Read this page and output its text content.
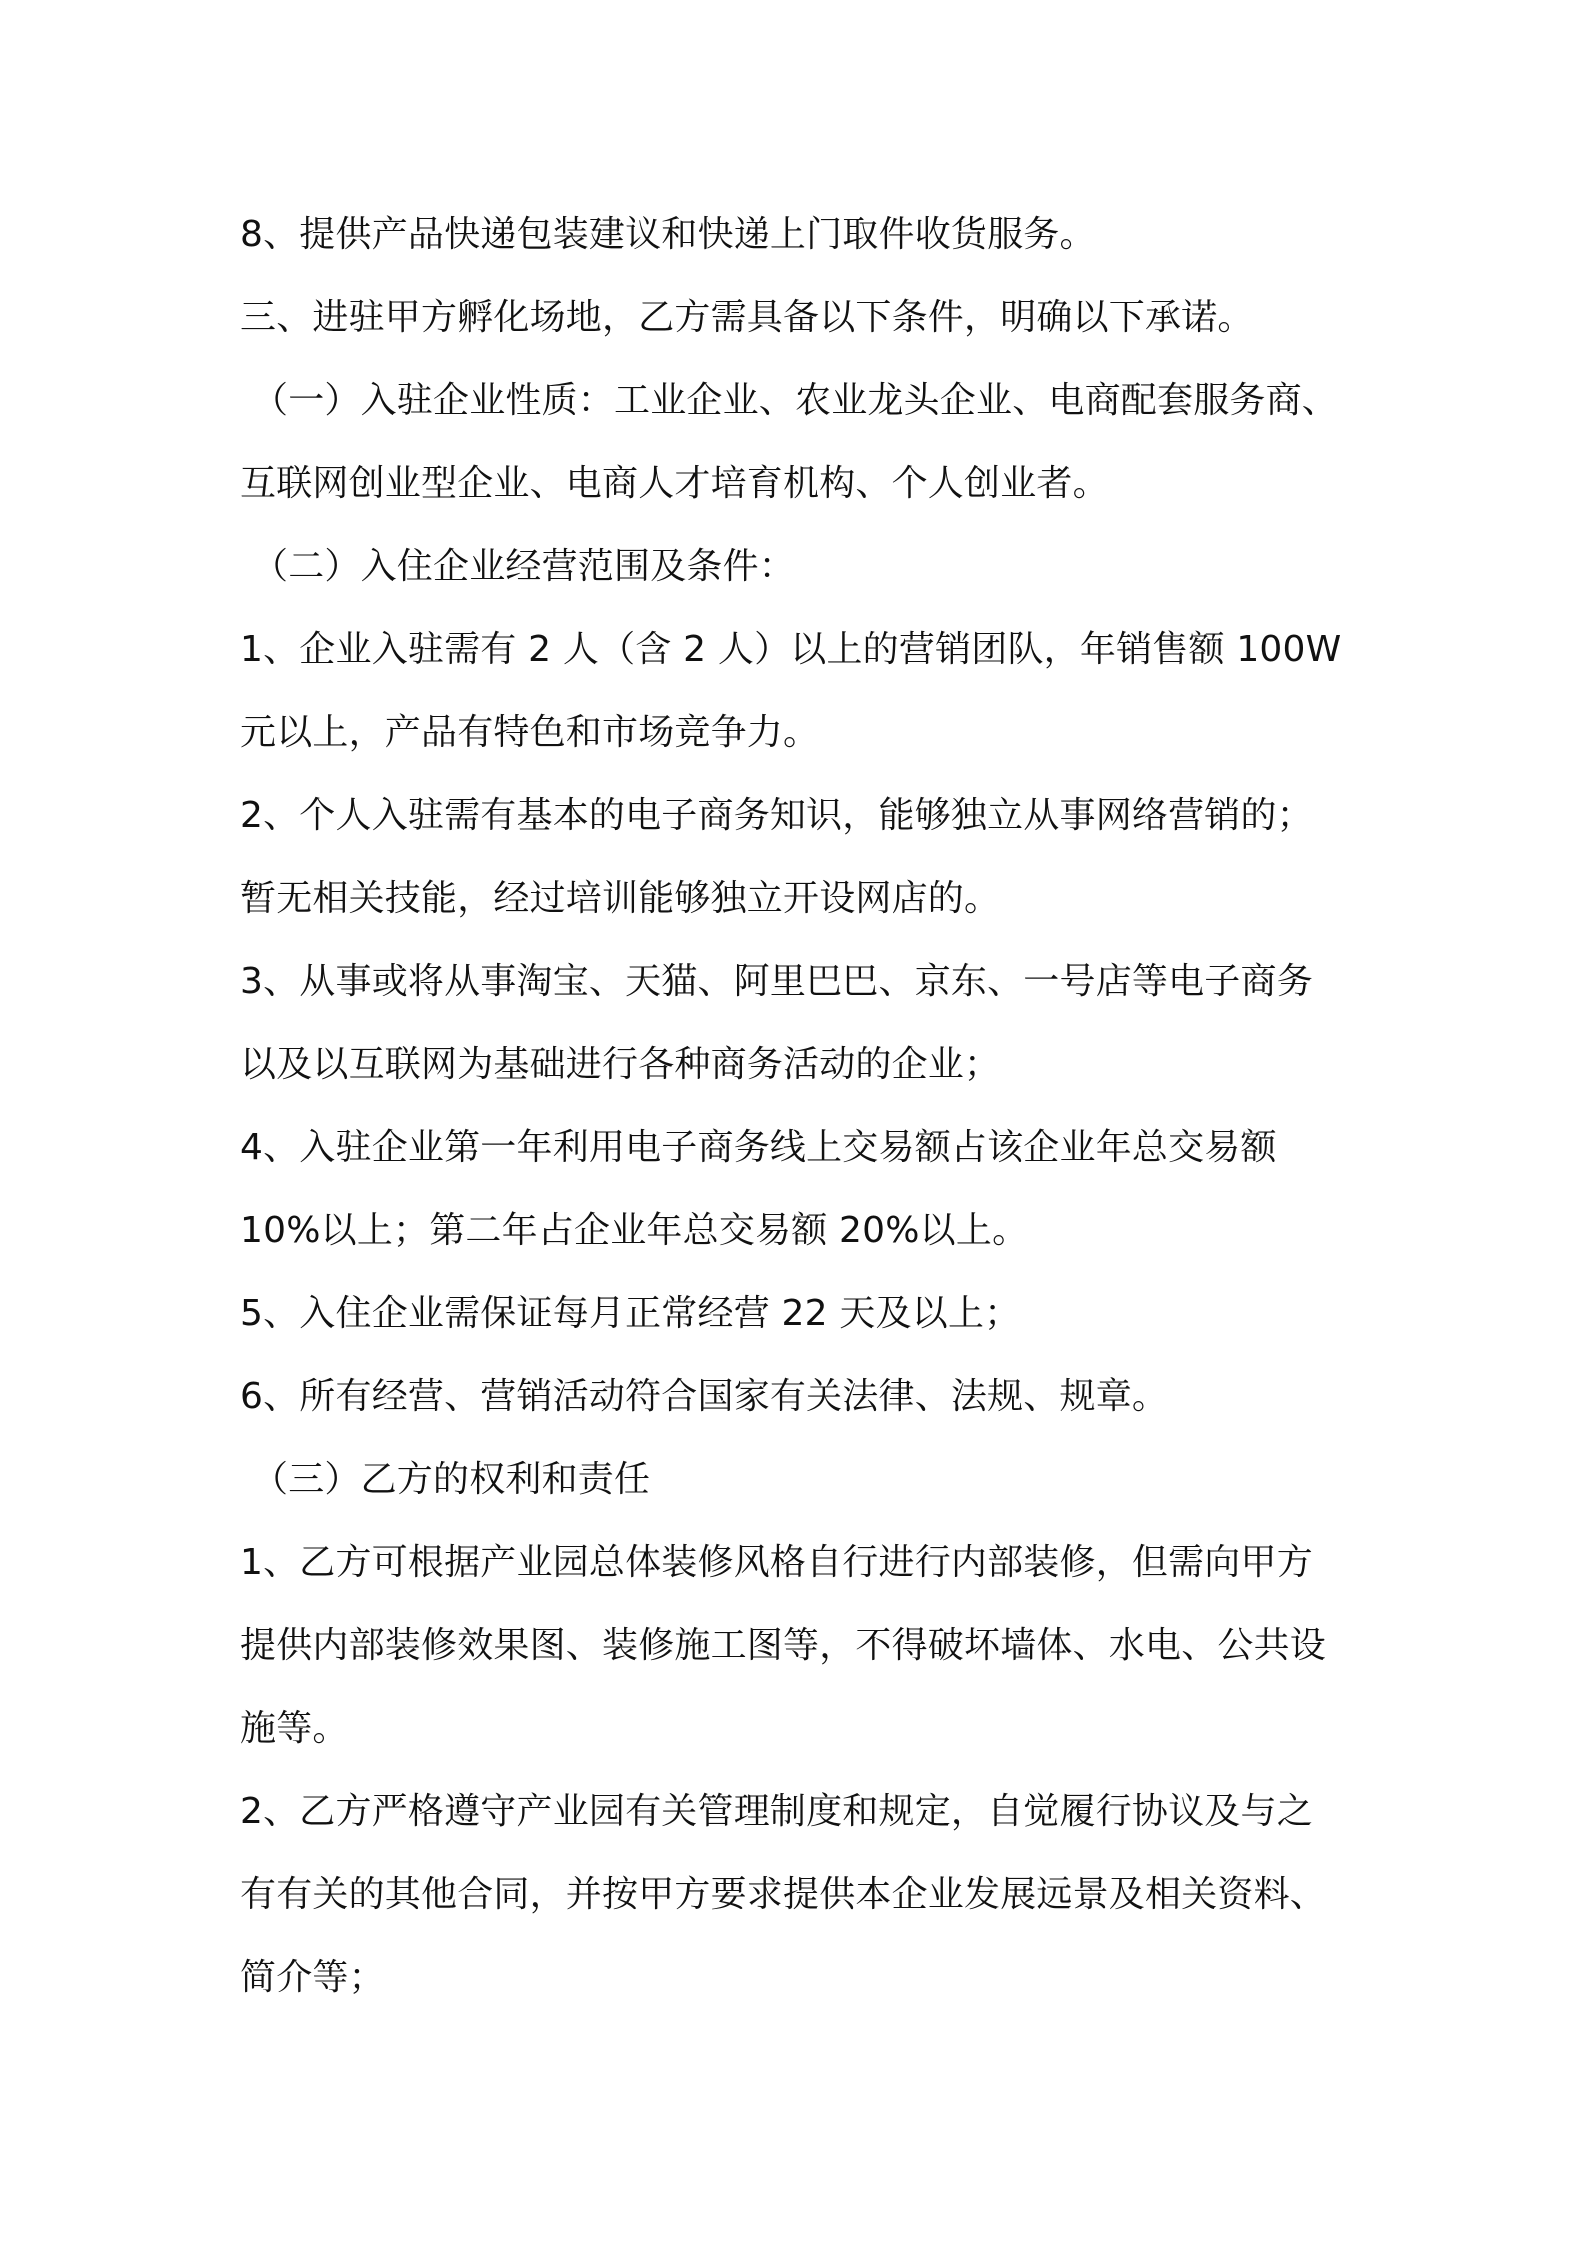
8、提供产品快递包装建议和快递上门取件收货服务。
三、进驻甲方孵化场地，乙方需具备以下条件，明确以下承诺。
（一）入驻企业性质：工业企业、农业龙头企业、电商配套服务商、
互联网创业型企业、电商人才培育机构、个人创业者。
（二）入住企业经营范围及条件：
1、企业入驻需有 2 人（含 2 人）以上的营销团队，年销售额 100W
元以上，产品有特色和市场竞争力。
2、个人入驻需有基本的电子商务知识，能够独立从事网络营销的；
暂无相关技能，经过培训能够独立开设网店的。
3、从事或将从事淘宝、天猫、阿里巴巴、京东、一号店等电子商务
以及以互联网为基础进行各种商务活动的企业；
4、入驻企业第一年利用电子商务线上交易额占该企业年总交易额
10%以上；第二年占企业年总交易额 20%以上。
5、入住企业需保证每月正常经营 22 天及以上；
6、所有经营、营销活动符合国家有关法律、法规、规章。
（三）乙方的权利和责任
1、乙方可根据产业园总体装修风格自行进行内部装修，但需向甲方
提供内部装修效果图、装修施工图等，不得破坏墙体、水电、公共设
施等。
2、乙方严格遵守产业园有关管理制度和规定，自觉履行协议及与之
有有关的其他合同，并按甲方要求提供本企业发展远景及相关资料、
简介等；
